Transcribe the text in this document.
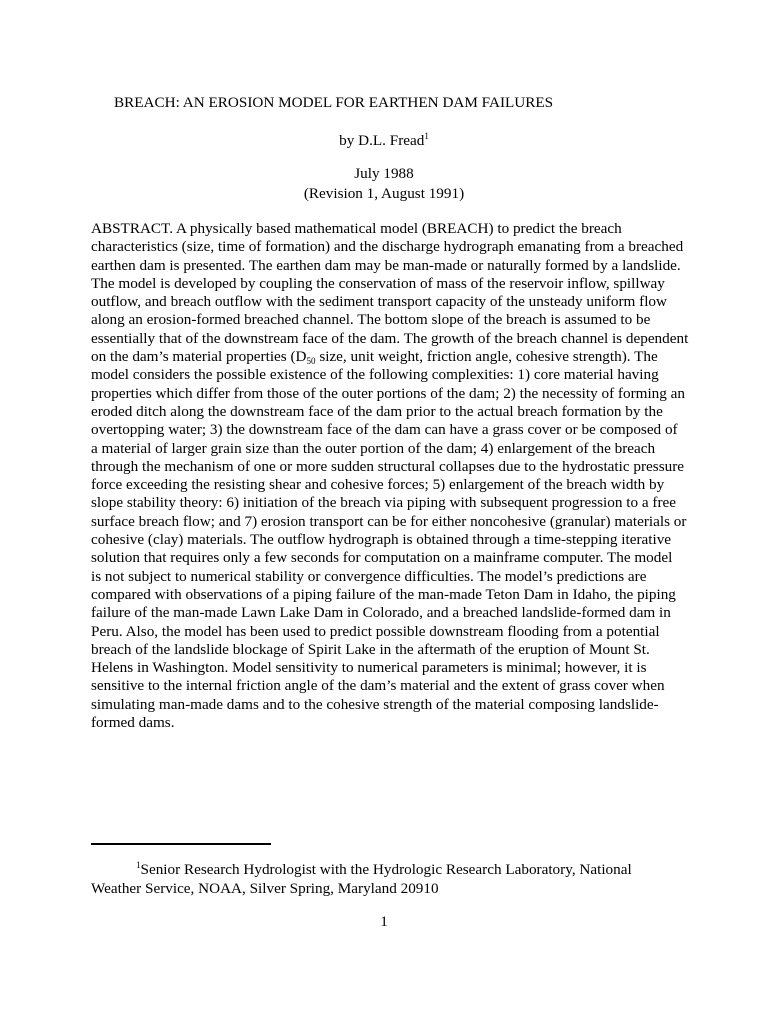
BREACH: AN EROSION MODEL FOR EARTHEN DAM FAILURES
by D.L. Fread$^1$
July 1988
(Revision 1, August 1991)
ABSTRACT. A physically based mathematical model (BREACH) to predict the breach
characteristics (size, time of formation) and the discharge hydrograph emanating from a breached
earthen dam is presented. The earthen dam may be man-made or naturally formed by a landslide.
The model is developed by coupling the conservation of mass of the reservoir inflow, spillway
outflow, and breach outflow with the sediment transport capacity of the unsteady uniform flow
along an erosion-formed breached channel. The bottom slope of the breach is assumed to be
essentially that of the downstream face of the dam. The growth of the breach channel is dependent
on the dam’s material properties ($D_{50}$ size, unit weight, friction angle, cohesive strength). The
model considers the possible existence of the following complexities: 1) core material having
properties which differ from those of the outer portions of the dam; 2) the necessity of forming an
eroded ditch along the downstream face of the dam prior to the actual breach formation by the
overtopping water; 3) the downstream face of the dam can have a grass cover or be composed of
a material of larger grain size than the outer portion of the dam; 4) enlargement of the breach
through the mechanism of one or more sudden structural collapses due to the hydrostatic pressure
force exceeding the resisting shear and cohesive forces; 5) enlargement of the breach width by
slope stability theory: 6) initiation of the breach via piping with subsequent progression to a free
surface breach flow; and 7) erosion transport can be for either noncohesive (granular) materials or
cohesive (clay) materials. The outflow hydrograph is obtained through a time-stepping iterative
solution that requires only a few seconds for computation on a mainframe computer. The model
is not subject to numerical stability or convergence difficulties. The model’s predictions are
compared with observations of a piping failure of the man-made Teton Dam in Idaho, the piping
failure of the man-made Lawn Lake Dam in Colorado, and a breached landslide-formed dam in
Peru. Also, the model has been used to predict possible downstream flooding from a potential
breach of the landslide blockage of Spirit Lake in the aftermath of the eruption of Mount St.
Helens in Washington. Model sensitivity to numerical parameters is minimal; however, it is
sensitive to the internal friction angle of the dam’s material and the extent of grass cover when
simulating man-made dams and to the cohesive strength of the material composing landslide-
formed dams.
$^1$Senior Research Hydrologist with the Hydrologic Research Laboratory, National
Weather Service, NOAA, Silver Spring, Maryland 20910
1
